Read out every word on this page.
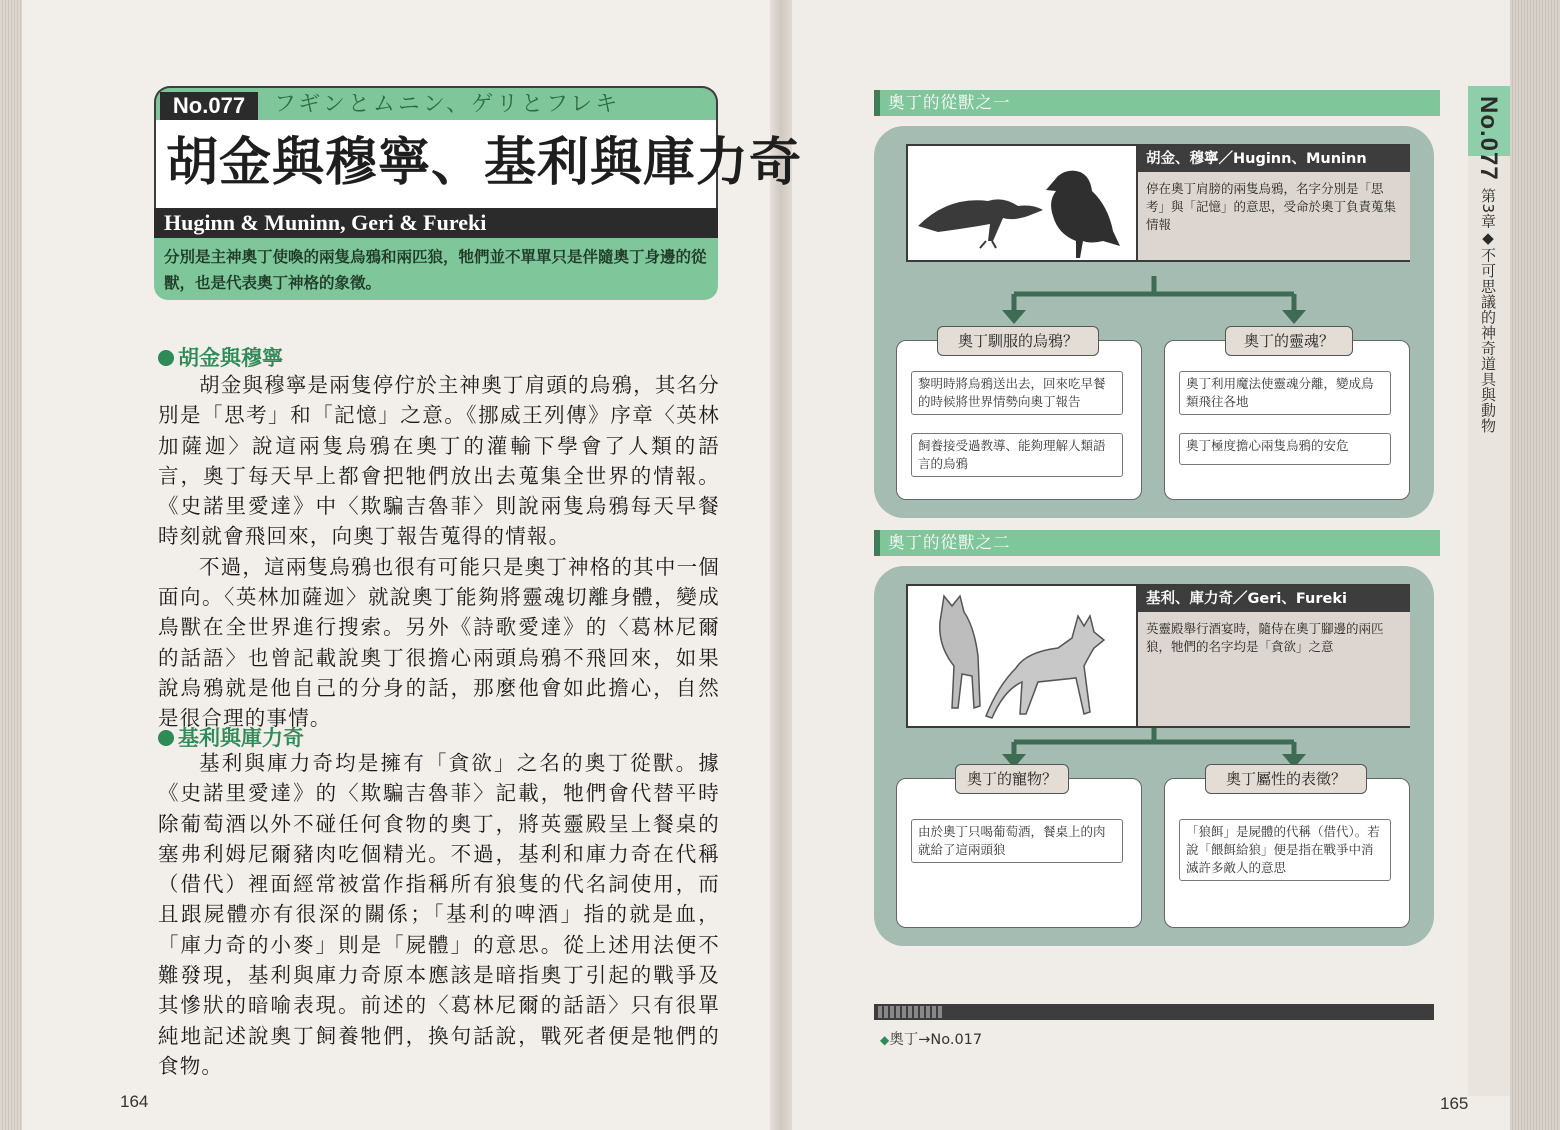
No.077	フギンとムニン、ゲリとフレキ
胡金與穆寧、基利與庫力奇
Huginn & Muninn, Geri & Fureki
分別是主神奧丁使喚的兩隻烏鴉和兩匹狼，牠們並不單單只是伴隨奧丁身邊的從獸，也是代表奧丁神格的象徵。
胡金與穆寧

胡金與穆寧是兩隻停佇於主神奧丁肩頭的烏鴉，其名分別是「思考」和「記憶」之意。《挪威王列傳》序章〈英林加薩迦〉說這兩隻烏鴉在奧丁的灌輸下學會了人類的語言，奧丁每天早上都會把牠們放出去蒐集全世界的情報。《史諾里愛達》中〈欺騙吉魯菲〉則說兩隻烏鴉每天早餐時刻就會飛回來，向奧丁報告蒐得的情報。

不過，這兩隻烏鴉也很有可能只是奧丁神格的其中一個面向。〈英林加薩迦〉就說奧丁能夠將靈魂切離身體，變成鳥獸在全世界進行搜索。另外《詩歌愛達》的〈葛林尼爾的話語〉也曾記載說奧丁很擔心兩頭烏鴉不飛回來，如果說烏鴉就是他自己的分身的話，那麼他會如此擔心，自然是很合理的事情。

基利與庫力奇

基利與庫力奇均是擁有「貪欲」之名的奧丁從獸。據《史諾里愛達》的〈欺騙吉魯菲〉記載，牠們會代替平時除葡萄酒以外不碰任何食物的奧丁，將英靈殿呈上餐桌的塞弗利姆尼爾豬肉吃個精光。不過，基利和庫力奇在代稱（借代）裡面經常被當作指稱所有狼隻的代名詞使用，而且跟屍體亦有很深的關係；「基利的啤酒」指的就是血，「庫力奇的小麥」則是「屍體」的意思。從上述用法便不難發現，基利與庫力奇原本應該是暗指奧丁引起的戰爭及其慘狀的暗喻表現。前述的〈葛林尼爾的話語〉只有很單純地記述說奧丁飼養牠們，換句話說，戰死者便是牠們的食物。

164
奧丁的從獸之一
胡金、穆寧／Huginn、Muninn
停在奧丁肩膀的兩隻烏鴉，名字分別是「思考」與「記憶」的意思，受命於奧丁負責蒐集情報
奧丁馴服的烏鴉？
黎明時將烏鴉送出去，回來吃早餐的時候將世界情勢向奧丁報告
飼養接受過教導、能夠理解人類語言的烏鴉
奧丁的靈魂？
奧丁利用魔法使靈魂分離，變成鳥類飛往各地
奧丁極度擔心兩隻烏鴉的安危
奧丁的從獸之二
基利、庫力奇／Geri、Fureki
英靈殿舉行酒宴時，隨侍在奧丁腳邊的兩匹狼，牠們的名字均是「貪欲」之意
奧丁的寵物？
由於奧丁只喝葡萄酒，餐桌上的肉就給了這兩頭狼
奧丁屬性的表徵？
「狼餌」是屍體的代稱（借代）。若說「餵餌給狼」便是指在戰爭中消滅許多敵人的意思
◆奧丁→No.017
No.077
第3章◆不可思議的神奇道具與動物
165
